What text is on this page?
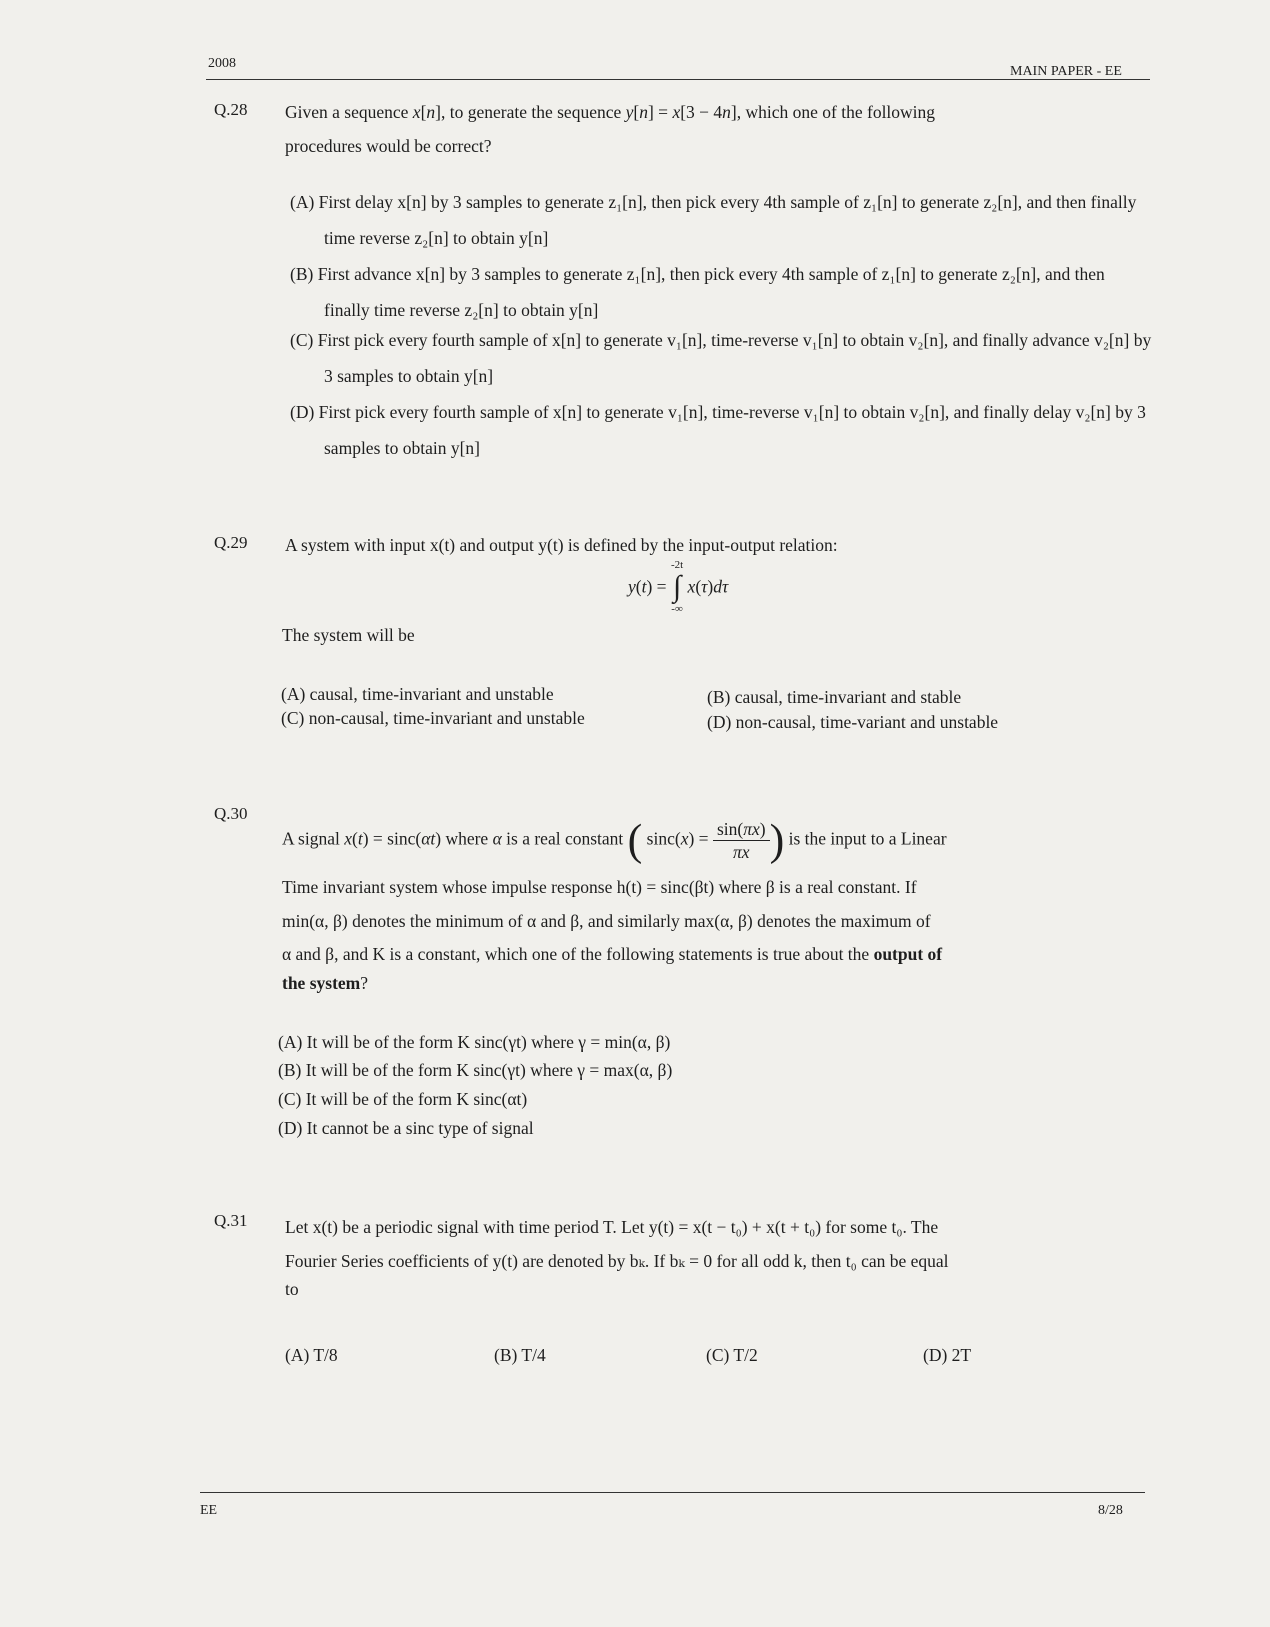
2008
MAIN PAPER - EE
Q.28 Given a sequence x[n], to generate the sequence y[n] = x[3 − 4n], which one of the following
procedures would be correct?
(A) First delay x[n] by 3 samples to generate z₁[n], then pick every 4th sample of z₁[n] to generate z₂[n], and then finally time reverse z₂[n] to obtain y[n]
(B) First advance x[n] by 3 samples to generate z₁[n], then pick every 4th sample of z₁[n] to generate z₂[n], and then finally time reverse z₂[n] to obtain y[n]
(C) First pick every fourth sample of x[n] to generate v₁[n], time-reverse v₁[n] to obtain v₂[n], and finally advance v₂[n] by 3 samples to obtain y[n]
(D) First pick every fourth sample of x[n] to generate v₁[n], time-reverse v₁[n] to obtain v₂[n], and finally delay v₂[n] by 3 samples to obtain y[n]
Q.29 A system with input x(t) and output y(t) is defined by the input-output relation:
y(t) =
-2t
∫
-∞
x(τ)dτ
The system will be
(A) causal, time-invariant and unstable	(B) causal, time-invariant and stable
(C) non-causal, time-invariant and unstable	(D) non-causal, time-variant and unstable
Q.30
A signal x(t) = sinc(αt) where α is a real constant ( $\sin c(x) = \frac{\sin(\pi x)}{\pi x}$ ) is the input to a Linear
Time invariant system whose impulse response h(t) = sinc(βt) where β is a real constant. If
min(α, β) denotes the minimum of α and β, and similarly max(α, β) denotes the maximum of
α and β, and K is a constant, which one of the following statements is true about the output of
the system?
(A) It will be of the form K sinc(γt) where γ = min(α, β)
(B) It will be of the form K sinc(γt) where γ = max(α, β)
(C) It will be of the form K sinc(αt)
(D) It cannot be a sinc type of signal
Q.31 Let x(t) be a periodic signal with time period T. Let y(t) = x(t − t₀) + x(t + t₀) for some t₀. The
Fourier Series coefficients of y(t) are denoted by bₖ. If bₖ = 0 for all odd k, then t₀ can be equal
to
(A) T/8	(B) T/4	(C) T/2	(D) 2T
EE	8/28
